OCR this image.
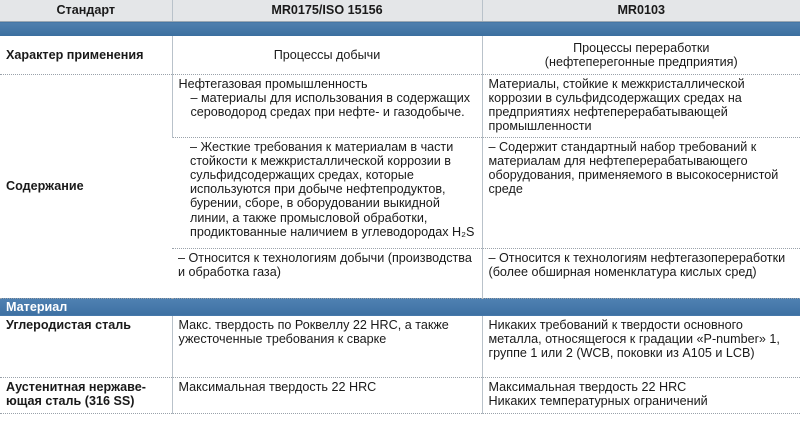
Стандарт	MR0175/ISO 15156	MR0103

Характер применения	Процессы добычи	Процессы переработки
(нефтеперегонные предприятия)

Содержание	Нефтегазовая промышленность
– материалы для использования в содержащих сероводород средах при нефте- и газодобыче.	Материалы, стойкие к межкристаллической коррозии в сульфидсодержащих средах на предприятиях нефтеперерабатывающей промышленности
	– Жесткие требования к материалам в части стойкости к межкристаллической коррозии в сульфидсодержащих средах, которые используются при добыче нефтепродуктов, бурении, сборе, в оборудовании выкидной линии, а также промысловой обработки, продиктованные наличием в углеводородах H₂S	– Содержит стандартный набор требований к материалам для нефтеперерабатывающего оборудования, применяемого в высокосернистой среде
	– Относится к технологиям добычи (производства и обработка газа)	– Относится к технологиям нефтегазопереработки (более обширная номенклатура кислых сред)
Материал		
Углеродистая сталь	Макс. твердость по Роквеллу 22 HRC, а также ужесточенные требования к сварке	Никаких требований к твердости основного металла, относящегося к градации «P-number» 1, группе 1 или 2 (WCB, поковки из A105 и LCB)
Аустенитная нержаве-ющая сталь (316 SS)	Максимальная твердость 22 HRC	Максимальная твердость 22 HRC
Никаких температурных ограничений
